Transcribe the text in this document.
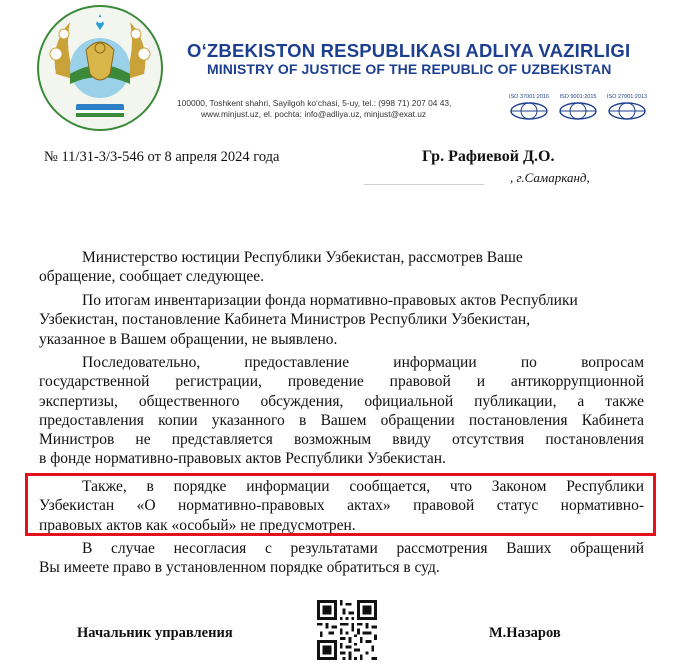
O‘ZBEKISTON RESPUBLIKASI ADLIYA VAZIRLIGI
MINISTRY OF JUSTICE OF THE REPUBLIC OF UZBEKISTAN
100000, Toshkent shahri, Sayilgoh ko‘chasi, 5-uy, tel.: (998 71) 207 04 43,
www.minjust.uz, el. pochta: info@adliya.uz, minjust@exat.uz
ISO 37001:2016	ISO 9001:2015	ISO 27001:2013
№ 11/31-3/3-546 от 8 апреля 2024 года	Гр. Рафиевой Д.О.
, г.Самарканд,
Министерство юстиции Республики Узбекистан, рассмотрев Ваше
обращение, сообщает следующее.
По итогам инвентаризации фонда нормативно-правовых актов Республики
Узбекистан, постановление Кабинета Министров Республики Узбекистан,
указанное в Вашем обращении, не выявлено.
Последовательно, предоставление информации по вопросам
государственной регистрации, проведение правовой и антикоррупционной
экспертизы, общественного обсуждения, официальной публикации, а также
предоставления копии указанного в Вашем обращении постановления Кабинета
Министров не представляется возможным ввиду отсутствия постановления
в фонде нормативно-правовых актов Республики Узбекистан.
Также, в порядке информации сообщается, что Законом Республики
Узбекистан «О нормативно-правовых актах» правовой статус нормативно-
правовых актов как «особый» не предусмотрен.
В случае несогласия с результатами рассмотрения Ваших обращений
Вы имеете право в установленном порядке обратиться в суд.
Начальник управления	М.Назаров
